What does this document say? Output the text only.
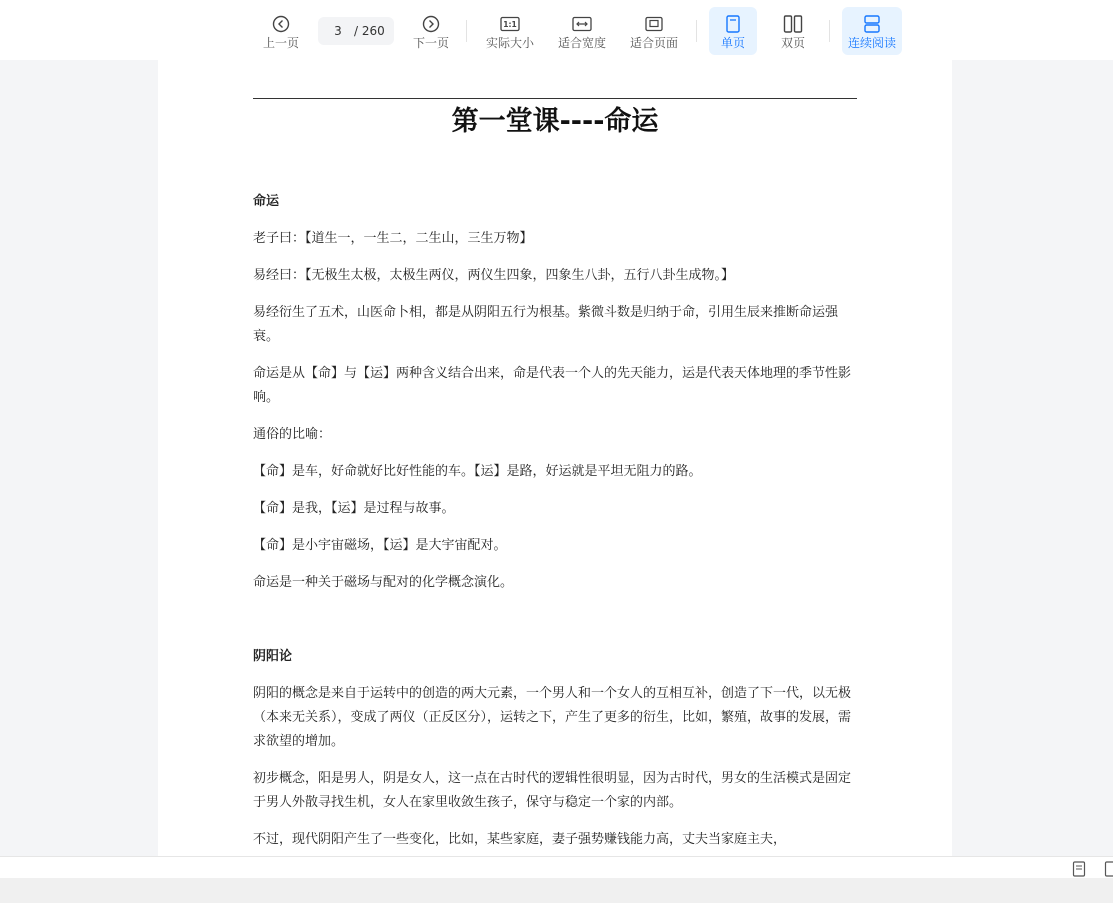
上一页
3	/ 260
下一页
1:1
实际大小 适合宽度 适合页面	单页	双页	连续阅读
第一堂课----命运
命运

老子曰：【道生一，一生二，二生山，三生万物】

易经曰：【无极生太极，太极生两仪，两仪生四象，四象生八卦，五行八卦生成物。】

易经衍生了五术，山医命卜相，都是从阴阳五行为根基。紫微斗数是归纳于命，引用生辰来推断命运强衰。

命运是从【命】与【运】两种含义结合出来，命是代表一个人的先天能力，运是代表天体地理的季节性影响。

通俗的比喻：

【命】是车，好命就好比好性能的车。【运】是路，好运就是平坦无阻力的路。

【命】是我，【运】是过程与故事。

【命】是小宇宙磁场，【运】是大宇宙配对。

命运是一种关于磁场与配对的化学概念演化。

阴阳论

阴阳的概念是来自于运转中的创造的两大元素，一个男人和一个女人的互相互补，创造了下一代，以无极（本来无关系），变成了两仪（正反区分），运转之下，产生了更多的衍生，比如，繁殖，故事的发展，需求欲望的增加。

初步概念，阳是男人，阴是女人，这一点在古时代的逻辑性很明显，因为古时代，男女的生活模式是固定于男人外散寻找生机，女人在家里收敛生孩子，保守与稳定一个家的内部。

不过，现代阴阳产生了一些变化，比如，某些家庭，妻子强势赚钱能力高，丈夫当家庭主夫，
